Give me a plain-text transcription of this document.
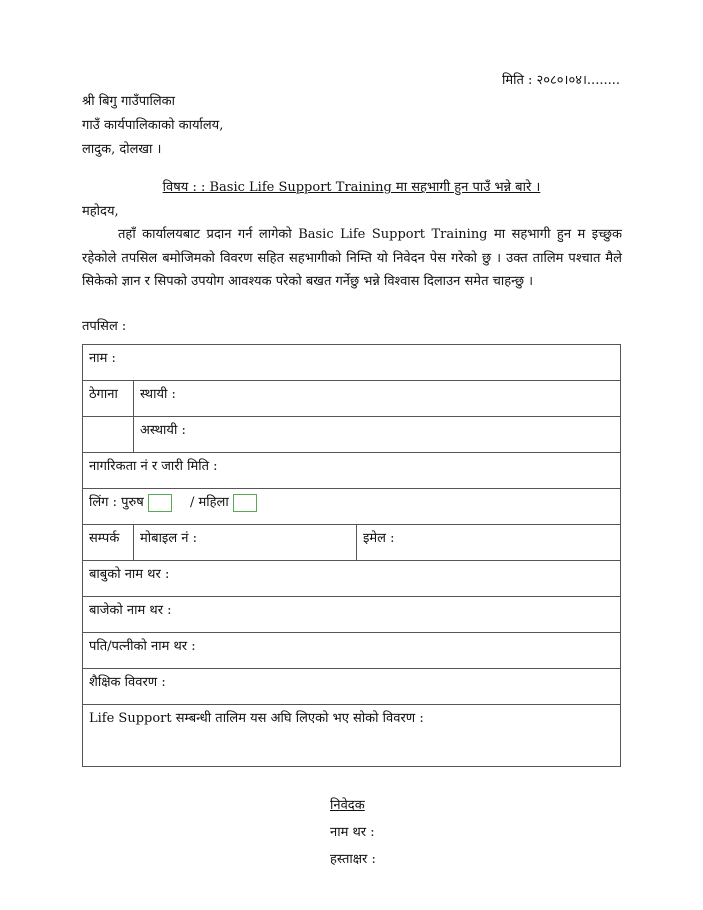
मिति : २०८०।०४।........
श्री बिगु गाउँपालिका
गाउँ कार्यपालिकाको कार्यालय,
लादुक, दोलखा ।
विषय : : Basic Life Support Training मा सहभागी हुन पाउँ भन्ने बारे ।
महोदय,
तहाँ कार्यालयबाट प्रदान गर्न लागेको Basic Life Support Training मा सहभागी हुन म इच्छुक रहेकोले तपसिल बमोजिमको विवरण सहित सहभागीको निम्ति यो निवेदन पेस गरेको छु । उक्त तालिम पश्चात मैले सिकेको ज्ञान र सिपको उपयोग आवश्यक परेको बखत गर्नेछु भन्ने विश्वास दिलाउन समेत चाहन्छु ।
तपसिल :
नाम :		
ठेगाना	स्थायी :	
	अस्थायी :	
नागरिकता नं र जारी मिति :		
लिंग : पुरुष / महिला		
सम्पर्क	मोबाइल नं :	इमेल :
बाबुको नाम थर :		
बाजेको नाम थर :		
पति/पत्नीको नाम थर :		
शैक्षिक विवरण :		
Life Support सम्बन्धी तालिम यस अघि लिएको भए सोको विवरण :		
निवेदक
नाम थर :
हस्ताक्षर :
